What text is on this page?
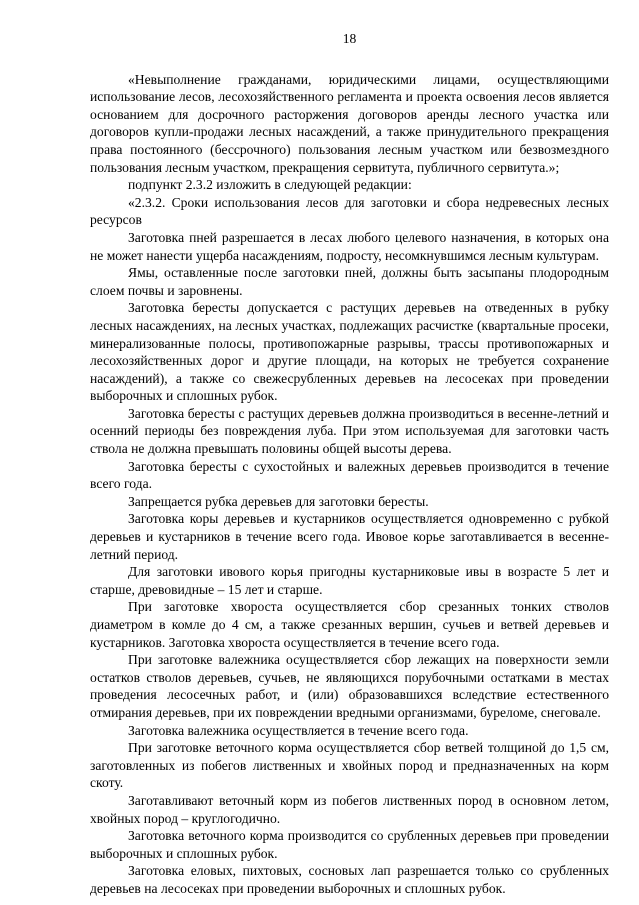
18

«Невыполнение гражданами, юридическими лицами, осуществляющими использование лесов, лесохозяйственного регламента и проекта освоения лесов является основанием для досрочного расторжения договоров аренды лесного участка или договоров купли-продажи лесных насаждений, а также принудительного прекращения права постоянного (бессрочного) пользования лесным участком или безвозмездного пользования лесным участком, прекращения сервитута, публичного сервитута.»;

подпункт 2.3.2 изложить в следующей редакции:

«2.3.2. Сроки использования лесов для заготовки и сбора недревесных лесных ресурсов

Заготовка пней разрешается в лесах любого целевого назначения, в которых она не может нанести ущерба насаждениям, подросту, несомкнувшимся лесным культурам.

Ямы, оставленные после заготовки пней, должны быть засыпаны плодородным слоем почвы и заровнены.

Заготовка бересты допускается с растущих деревьев на отведенных в рубку лесных насаждениях, на лесных участках, подлежащих расчистке (квартальные просеки, минерализованные полосы, противопожарные разрывы, трассы противопожарных и лесохозяйственных дорог и другие площади, на которых не требуется сохранение насаждений), а также со свежесрубленных деревьев на лесосеках при проведении выборочных и сплошных рубок.

Заготовка бересты с растущих деревьев должна производиться в весенне-летний и осенний периоды без повреждения луба. При этом используемая для заготовки часть ствола не должна превышать половины общей высоты дерева.

Заготовка бересты с сухостойных и валежных деревьев производится в течение всего года.

Запрещается рубка деревьев для заготовки бересты.

Заготовка коры деревьев и кустарников осуществляется одновременно с рубкой деревьев и кустарников в течение всего года. Ивовое корье заготавливается в весенне-летний период.

Для заготовки ивового корья пригодны кустарниковые ивы в возрасте 5 лет и старше, древовидные – 15 лет и старше.

При заготовке хвороста осуществляется сбор срезанных тонких стволов диаметром в комле до 4 см, а также срезанных вершин, сучьев и ветвей деревьев и кустарников. Заготовка хвороста осуществляется в течение всего года.

При заготовке валежника осуществляется сбор лежащих на поверхности земли остатков стволов деревьев, сучьев, не являющихся порубочными остатками в местах проведения лесосечных работ, и (или) образовавшихся вследствие естественного отмирания деревьев, при их повреждении вредными организмами, буреломе, снеговале.

Заготовка валежника осуществляется в течение всего года.

При заготовке веточного корма осуществляется сбор ветвей толщиной до 1,5 см, заготовленных из побегов лиственных и хвойных пород и предназначенных на корм скоту.

Заготавливают веточный корм из побегов лиственных пород в основном летом, хвойных пород – круглогодично.

Заготовка веточного корма производится со срубленных деревьев при проведении выборочных и сплошных рубок.

Заготовка еловых, пихтовых, сосновых лап разрешается только со срубленных деревьев на лесосеках при проведении выборочных и сплошных рубок.
